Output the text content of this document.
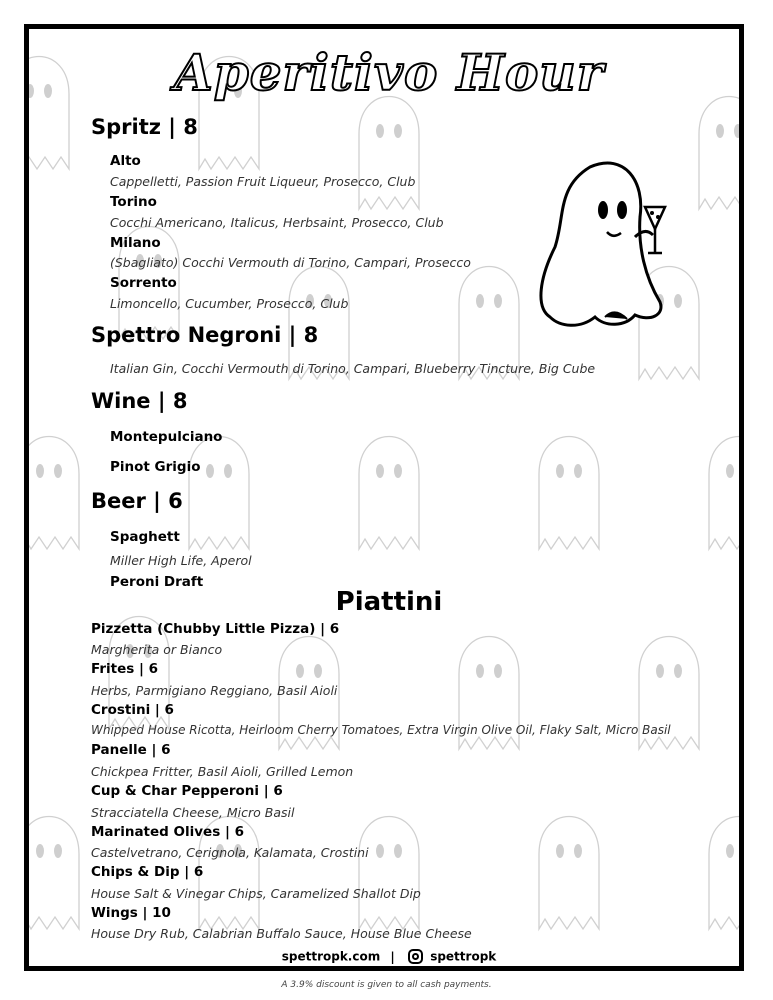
Aperitivo Hour
Spritz | 8
Alto
Cappelletti, Passion Fruit Liqueur, Prosecco, Club
Torino
Cocchi Americano, Italicus, Herbsaint, Prosecco, Club
Milano
(Sbagliato) Cocchi Vermouth di Torino, Campari, Prosecco
Sorrento
Limoncello, Cucumber, Prosecco, Club
Spettro Negroni | 8
Italian Gin, Cocchi Vermouth di Torino, Campari, Blueberry Tincture, Big Cube
Wine | 8
Montepulciano
Pinot Grigio
Beer | 6
Spaghett
Miller High Life, Aperol
Peroni Draft
Piattini
Pizzetta (Chubby Little Pizza) | 6
Margherita or Bianco
Frites | 6
Herbs, Parmigiano Reggiano, Basil Aioli
Crostini | 6
Whipped House Ricotta, Heirloom Cherry Tomatoes, Extra Virgin Olive Oil, Flaky Salt, Micro Basil
Panelle | 6
Chickpea Fritter, Basil Aioli, Grilled Lemon
Cup & Char Pepperoni | 6
Stracciatella Cheese, Micro Basil
Marinated Olives | 6
Castelvetrano, Cerignola, Kalamata, Crostini
Chips & Dip | 6
House Salt & Vinegar Chips, Caramelized Shallot Dip
Wings | 10
House Dry Rub, Calabrian Buffalo Sauce, House Blue Cheese
spettropk.com |	spettropk
A 3.9% discount is given to all cash payments.
